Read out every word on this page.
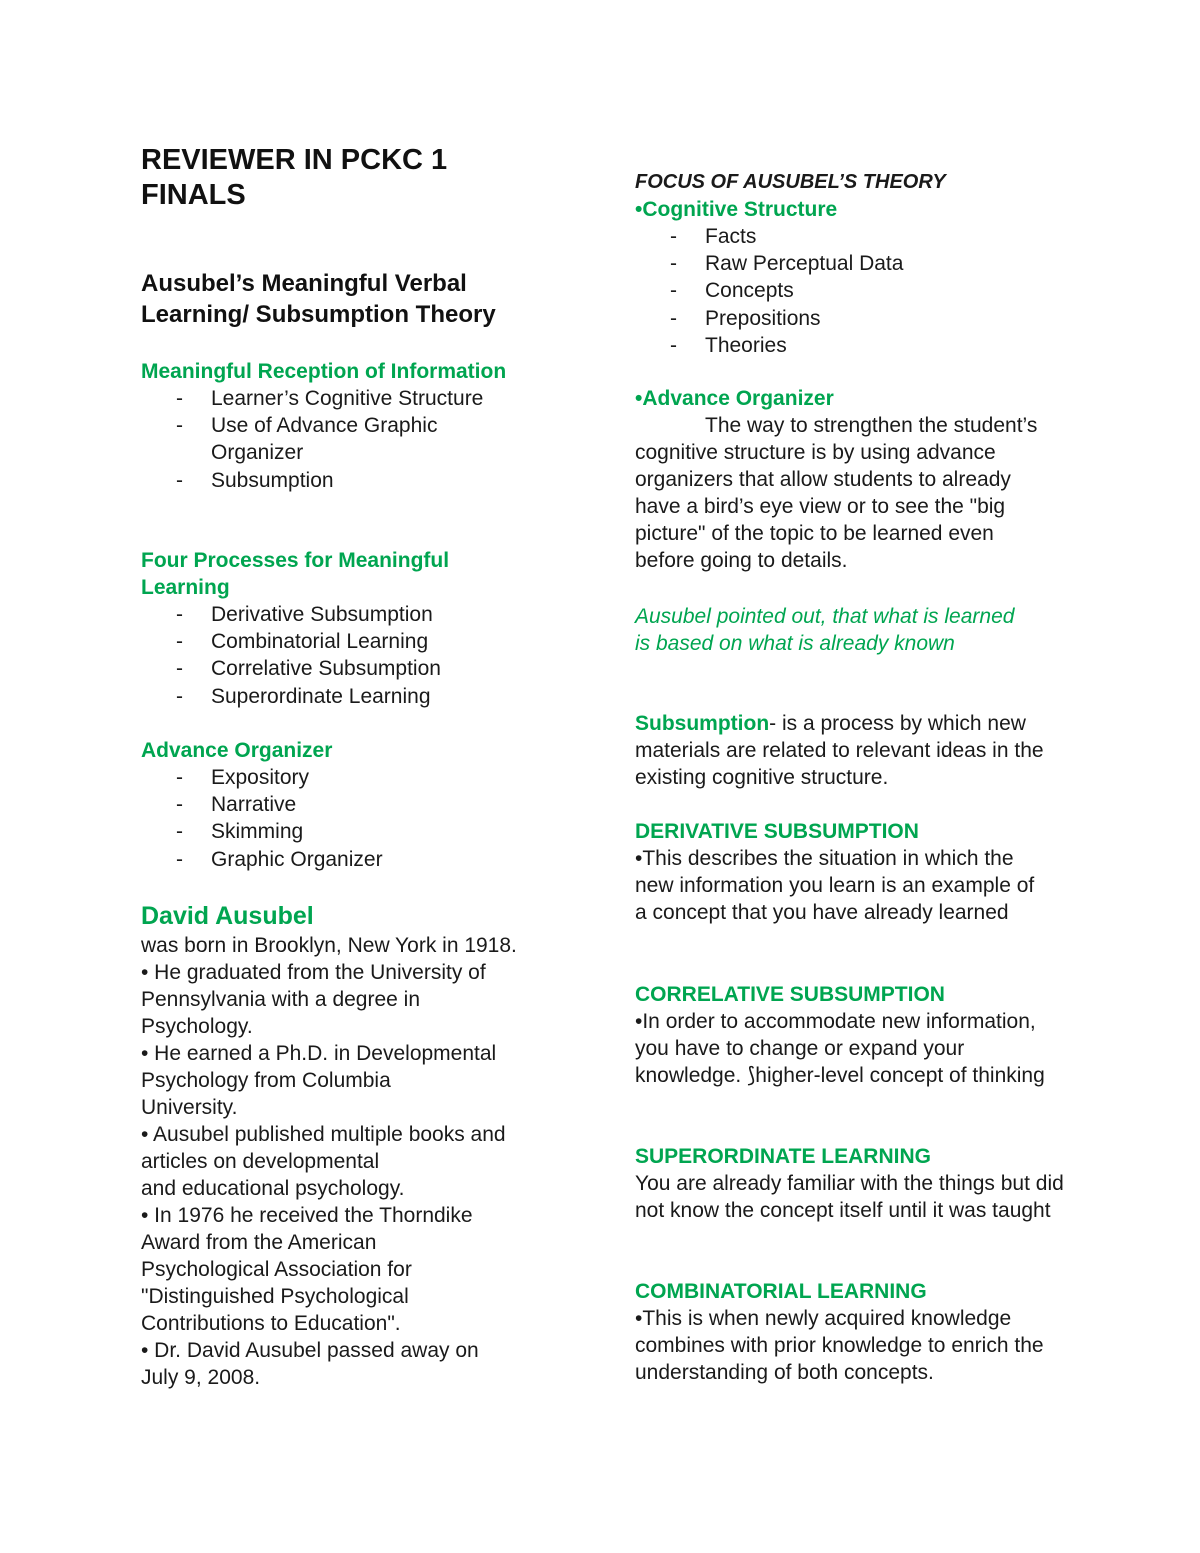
REVIEWER IN PCKC 1
FINALS
Ausubel’s Meaningful Verbal
Learning/ Subsumption Theory
Meaningful Reception of Information
- Learner’s Cognitive Structure
- Use of Advance Graphic Organizer
- Subsumption
Four Processes for Meaningful Learning
- Derivative Subsumption
- Combinatorial Learning
- Correlative Subsumption
- Superordinate Learning
Advance Organizer
- Expository
- Narrative
- Skimming
- Graphic Organizer
David Ausubel
was born in Brooklyn, New York in 1918.
• He graduated from the University of
Pennsylvania with a degree in
Psychology.
• He earned a Ph.D. in Developmental
Psychology from Columbia
University.
• Ausubel published multiple books and
articles on developmental
and educational psychology.
• In 1976 he received the Thorndike
Award from the American
Psychological Association for
"Distinguished Psychological
Contributions to Education".
• Dr. David Ausubel passed away on
July 9, 2008.
FOCUS OF AUSUBEL’S THEORY
•Cognitive Structure
- Facts
- Raw Perceptual Data
- Concepts
- Prepositions
- Theories
•Advance Organizer
The way to strengthen the student’s cognitive structure is by using advance organizers that allow students to already have a bird’s eye view or to see the "big picture" of the topic to be learned even before going to details.
Ausubel pointed out, that what is learned is based on what is already known
Subsumption- is a process by which new materials are related to relevant ideas in the existing cognitive structure.
DERIVATIVE SUBSUMPTION
•This describes the situation in which the new information you learn is an example of a concept that you have already learned
CORRELATIVE SUBSUMPTION
•In order to accommodate new information, you have to change or expand your knowledge. ⟆higher-level concept of thinking
SUPERORDINATE LEARNING
You are already familiar with the things but did not know the concept itself until it was taught
COMBINATORIAL LEARNING
•This is when newly acquired knowledge combines with prior knowledge to enrich the understanding of both concepts.
